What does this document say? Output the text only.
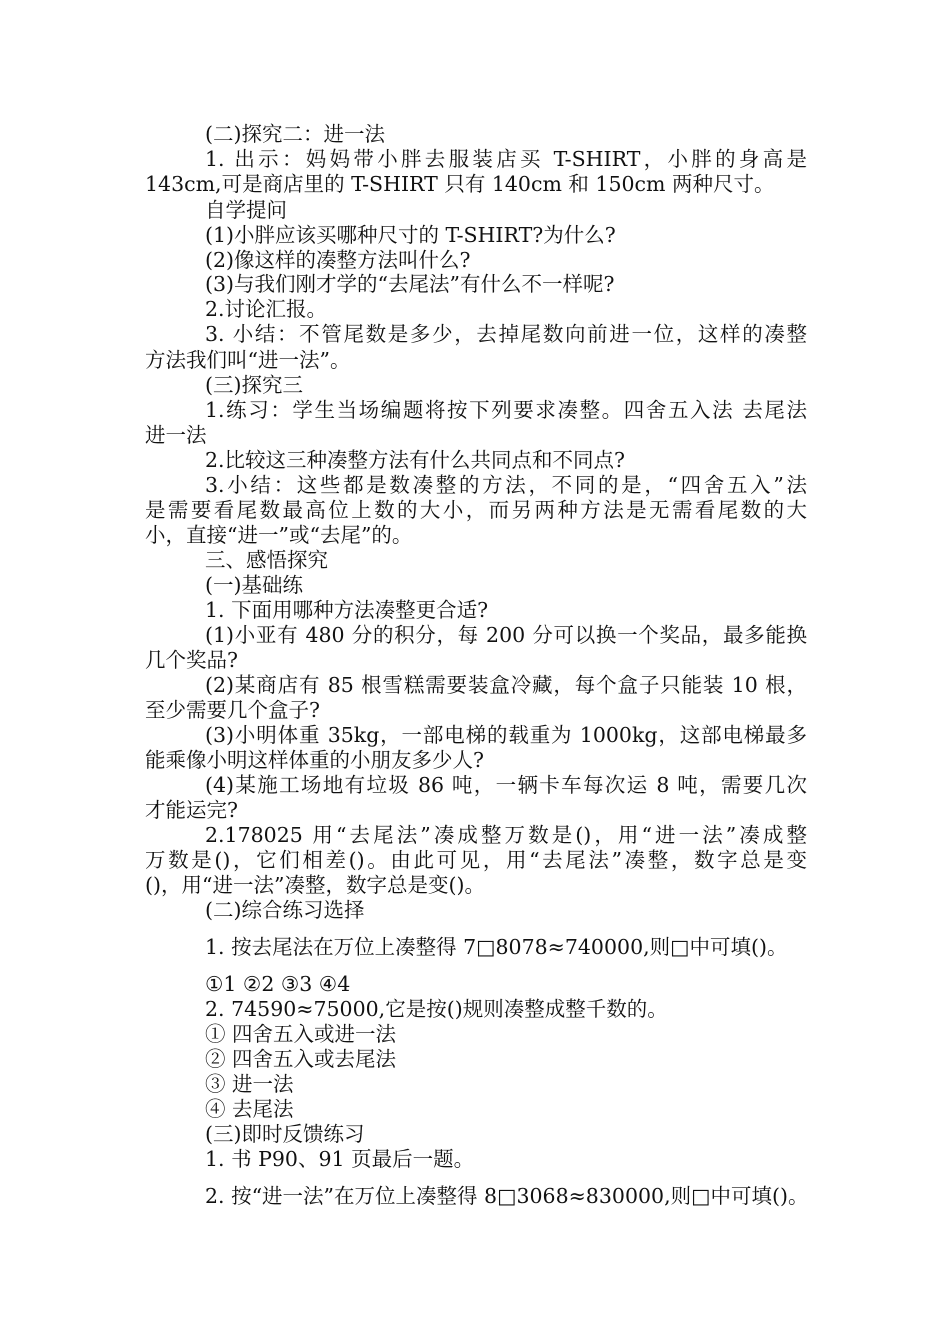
(二)探究二：进一法
1. 出示：妈妈带小胖去服装店买 T-SHIRT，小胖的身高是
143cm,可是商店里的 T-SHIRT 只有 140cm 和 150cm 两种尺寸。
自学提问
(1)小胖应该买哪种尺寸的 T-SHIRT?为什么?
(2)像这样的凑整方法叫什么?
(3)与我们刚才学的“去尾法”有什么不一样呢?
2.讨论汇报。
3. 小结：不管尾数是多少，去掉尾数向前进一位，这样的凑整
方法我们叫“进一法”。
(三)探究三
1.练习：学生当场编题将按下列要求凑整。四舍五入法 去尾法
进一法
2.比较这三种凑整方法有什么共同点和不同点?
3.小结：这些都是数凑整的方法，不同的是，“四舍五入”法
是需要看尾数最高位上数的大小，而另两种方法是无需看尾数的大
小，直接“进一”或“去尾”的。
三、感悟探究
(一)基础练
1. 下面用哪种方法凑整更合适?
(1)小亚有 480 分的积分，每 200 分可以换一个奖品，最多能换
几个奖品?
(2)某商店有 85 根雪糕需要装盒冷藏，每个盒子只能装 10 根，
至少需要几个盒子?
(3)小明体重 35kg，一部电梯的载重为 1000kg，这部电梯最多
能乘像小明这样体重的小朋友多少人?
(4)某施工场地有垃圾 86 吨，一辆卡车每次运 8 吨，需要几次
才能运完?
2.178025 用“去尾法”凑成整万数是()，用“进一法”凑成整
万数是()，它们相差()。由此可见，用“去尾法”凑整，数字总是变
()，用“进一法”凑整，数字总是变()。
(二)综合练习选择
1. 按去尾法在万位上凑整得 7□8078≈740000,则□中可填()。
①1 ②2 ③3 ④4
2. 74590≈75000,它是按()规则凑整成整千数的。
① 四舍五入或进一法
② 四舍五入或去尾法
③ 进一法
④ 去尾法
(三)即时反馈练习
1. 书 P90、91 页最后一题。
2. 按“进一法”在万位上凑整得 8□3068≈830000,则□中可填()。
